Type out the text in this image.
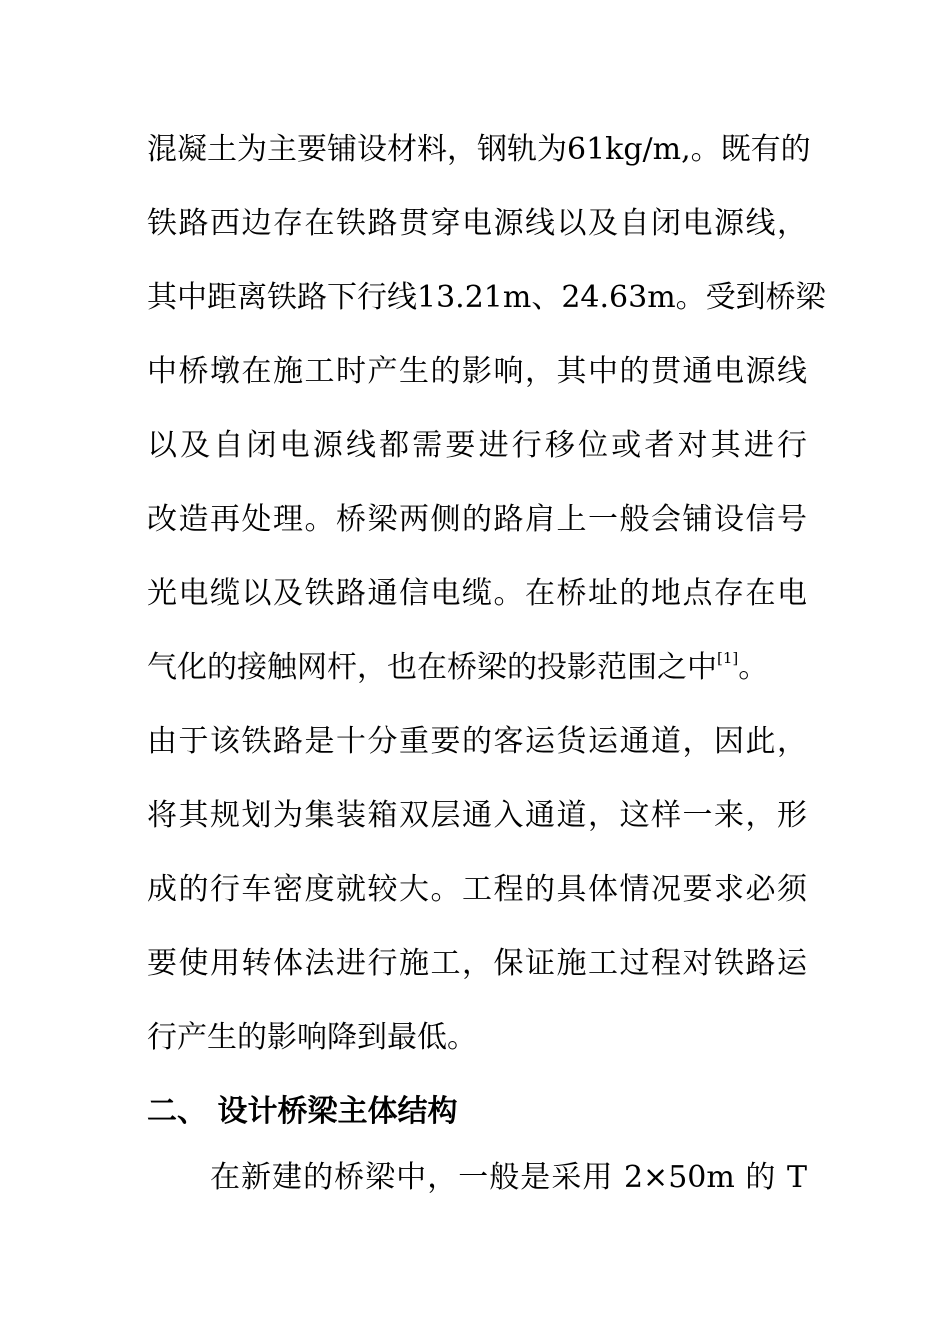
混凝土为主要铺设材料，钢轨为61kg/m,。既有的
铁路西边存在铁路贯穿电源线以及自闭电源线，
其中距离铁路下行线13.21m、24.63m。受到桥梁
中桥墩在施工时产生的影响，其中的贯通电源线
以及自闭电源线都需要进行移位或者对其进行
改造再处理。桥梁两侧的路肩上一般会铺设信号
光电缆以及铁路通信电缆。在桥址的地点存在电
气化的接触网杆，也在桥梁的投影范围之中[1]。
由于该铁路是十分重要的客运货运通道，因此，
将其规划为集装箱双层通入通道，这样一来，形
成的行车密度就较大。工程的具体情况要求必须
要使用转体法进行施工，保证施工过程对铁路运
行产生的影响降到最低。
二、 设计桥梁主体结构
在新建的桥梁中，一般是采用 2×50m 的 T
